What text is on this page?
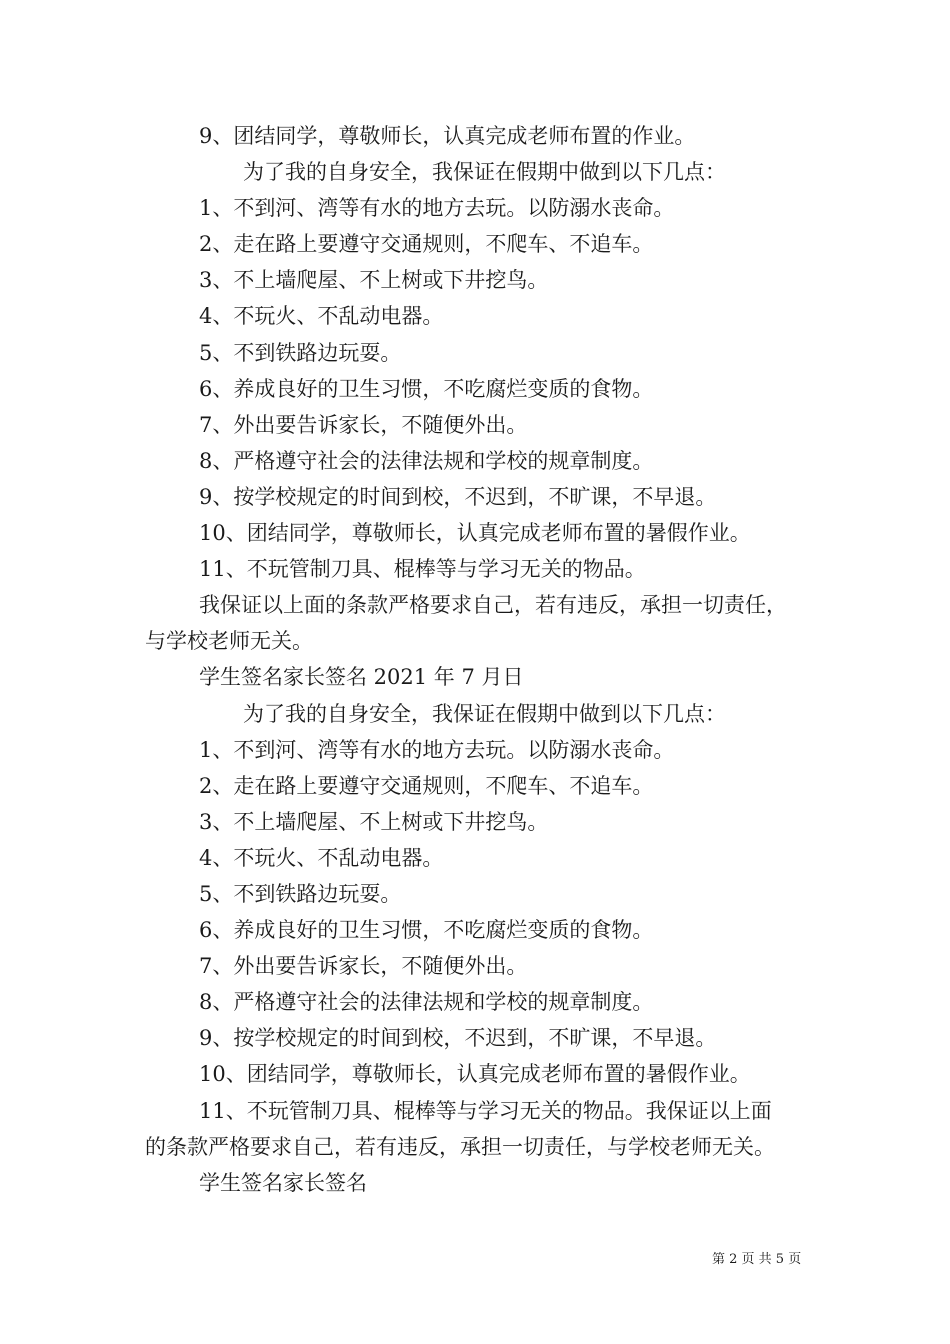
9、团结同学，尊敬师长，认真完成老师布置的作业。
为了我的自身安全，我保证在假期中做到以下几点：
1、不到河、湾等有水的地方去玩。以防溺水丧命。
2、走在路上要遵守交通规则，不爬车、不追车。
3、不上墙爬屋、不上树或下井挖鸟。
4、不玩火、不乱动电器。
5、不到铁路边玩耍。
6、养成良好的卫生习惯，不吃腐烂变质的食物。
7、外出要告诉家长，不随便外出。
8、严格遵守社会的法律法规和学校的规章制度。
9、按学校规定的时间到校，不迟到，不旷课，不早退。
10、团结同学，尊敬师长，认真完成老师布置的暑假作业。
11、不玩管制刀具、棍棒等与学习无关的物品。
我保证以上面的条款严格要求自己，若有违反，承担一切责任，
与学校老师无关。
学生签名家长签名 2021 年 7 月日
为了我的自身安全，我保证在假期中做到以下几点：
1、不到河、湾等有水的地方去玩。以防溺水丧命。
2、走在路上要遵守交通规则，不爬车、不追车。
3、不上墙爬屋、不上树或下井挖鸟。
4、不玩火、不乱动电器。
5、不到铁路边玩耍。
6、养成良好的卫生习惯，不吃腐烂变质的食物。
7、外出要告诉家长，不随便外出。
8、严格遵守社会的法律法规和学校的规章制度。
9、按学校规定的时间到校，不迟到，不旷课，不早退。
10、团结同学，尊敬师长，认真完成老师布置的暑假作业。
11、不玩管制刀具、棍棒等与学习无关的物品。我保证以上面
的条款严格要求自己，若有违反，承担一切责任，与学校老师无关。
学生签名家长签名
第 2 页 共 5 页
